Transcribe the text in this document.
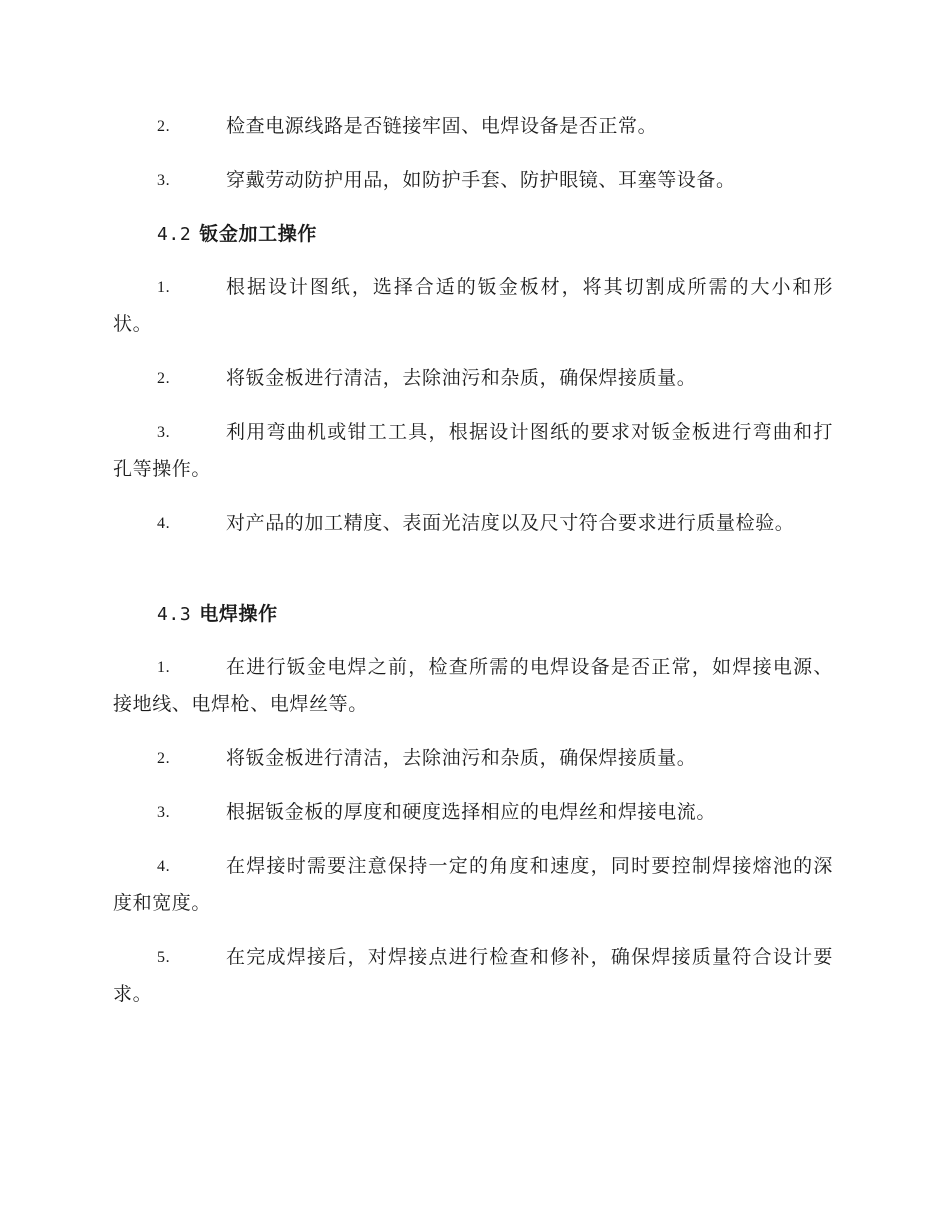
2.	检查电源线路是否链接牢固、电焊设备是否正常。
3.	穿戴劳动防护用品，如防护手套、防护眼镜、耳塞等设备。
4.2 钣金加工操作
1.	根据设计图纸，选择合适的钣金板材，将其切割成所需的大小和形状。
2.	将钣金板进行清洁，去除油污和杂质，确保焊接质量。
3.	利用弯曲机或钳工工具，根据设计图纸的要求对钣金板进行弯曲和打孔等操作。
4.	对产品的加工精度、表面光洁度以及尺寸符合要求进行质量检验。
4.3 电焊操作
1.	在进行钣金电焊之前，检查所需的电焊设备是否正常，如焊接电源、接地线、电焊枪、电焊丝等。
2.	将钣金板进行清洁，去除油污和杂质，确保焊接质量。
3.	根据钣金板的厚度和硬度选择相应的电焊丝和焊接电流。
4.	在焊接时需要注意保持一定的角度和速度，同时要控制焊接熔池的深度和宽度。
5.	在完成焊接后，对焊接点进行检查和修补，确保焊接质量符合设计要求。
